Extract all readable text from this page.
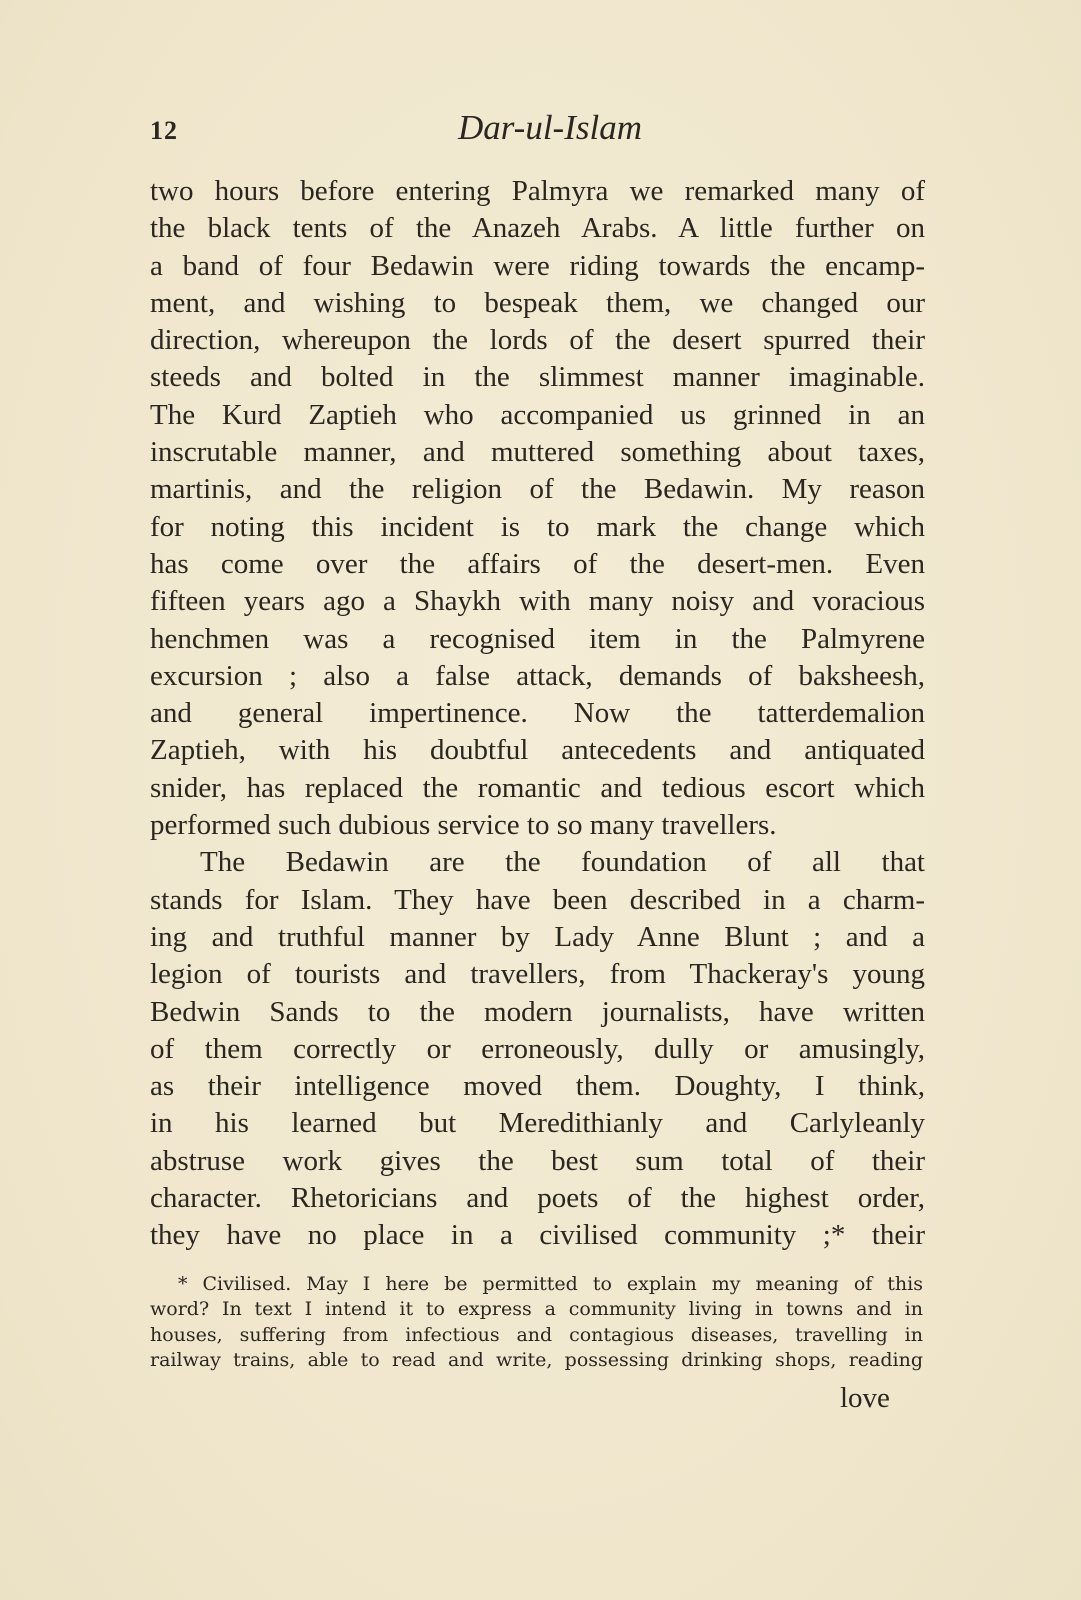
12	Dar-ul-Islam
two hours before entering Palmyra we remarked many of
the black tents of the Anazeh Arabs. A little further on
a band of four Bedawin were riding towards the encamp-
ment, and wishing to bespeak them, we changed our
direction, whereupon the lords of the desert spurred their
steeds and bolted in the slimmest manner imaginable.
The Kurd Zaptieh who accompanied us grinned in an
inscrutable manner, and muttered something about taxes,
martinis, and the religion of the Bedawin. My reason
for noting this incident is to mark the change which
has come over the affairs of the desert-men. Even
fifteen years ago a Shaykh with many noisy and voracious
henchmen was a recognised item in the Palmyrene
excursion ; also a false attack, demands of baksheesh,
and general impertinence. Now the tatterdemalion
Zaptieh, with his doubtful antecedents and antiquated
snider, has replaced the romantic and tedious escort which
performed such dubious service to so many travellers.
The Bedawin are the foundation of all that
stands for Islam. They have been described in a charm-
ing and truthful manner by Lady Anne Blunt ; and a
legion of tourists and travellers, from Thackeray's young
Bedwin Sands to the modern journalists, have written
of them correctly or erroneously, dully or amusingly,
as their intelligence moved them. Doughty, I think,
in his learned but Meredithianly and Carlyleanly
abstruse work gives the best sum total of their
character. Rhetoricians and poets of the highest order,
they have no place in a civilised community ;* their
* Civilised. May I here be permitted to explain my meaning of this
word? In text I intend it to express a community living in towns and in
houses, suffering from infectious and contagious diseases, travelling in
railway trains, able to read and write, possessing drinking shops, reading
love
